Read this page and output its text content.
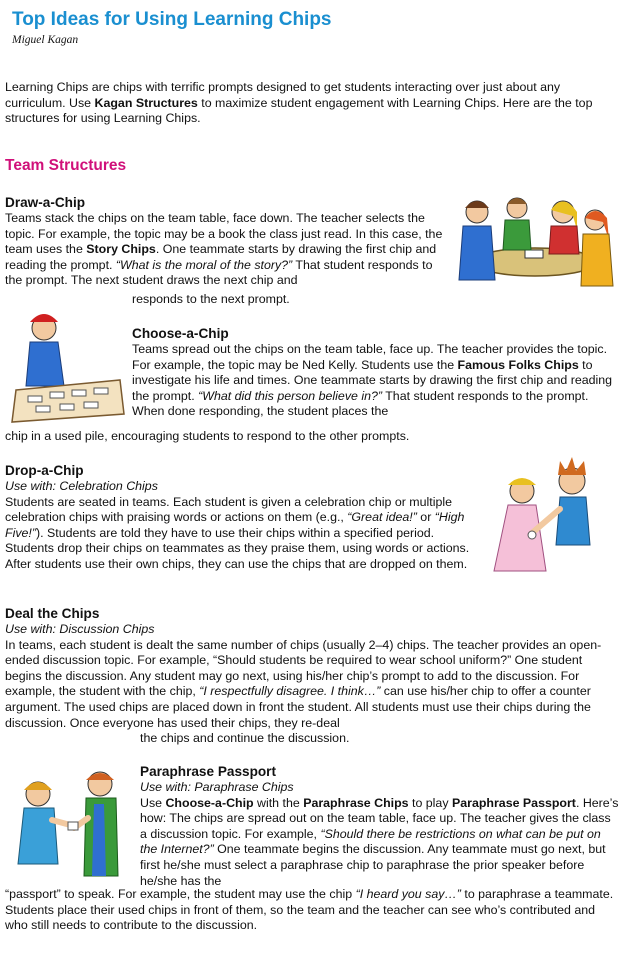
Top Ideas for Using Learning Chips
Miguel Kagan

Learning Chips are chips with terrific prompts designed to get students interacting over just about any curriculum. Use Kagan Structures to maximize student engagement with Learning Chips. Here are the top structures for using Learning Chips.

Team Structures
Draw-a-Chip

Teams stack the chips on the team table, face down. The teacher selects the topic. For example, the topic may be a book the class just read. In this case, the team uses the Story Chips. One teammate starts by drawing the first chip and reading the prompt. “What is the moral of the story?” That student responds to the prompt. The next student draws the next chip and

responds to the next prompt.

Choose-a-Chip

Teams spread out the chips on the team table, face up. The teacher provides the topic. For example, the topic may be Ned Kelly. Students use the Famous Folks Chips to investigate his life and times. One teammate starts by drawing the first chip and reading the prompt. “What did this person believe in?” That student responds to the prompt. When done responding, the student places the

chip in a used pile, encouraging students to respond to the other prompts.

Drop-a-Chip

Use with: Celebration Chips

Students are seated in teams. Each student is given a celebration chip or multiple celebration chips with praising words or actions on them (e.g., “Great idea!” or “High Five!”). Students are told they have to use their chips within a specified period. Students drop their chips on teammates as they praise them, using words or actions. After students use their own chips, they can use the chips that are dropped on them.

Deal the Chips

Use with: Discussion Chips

In teams, each student is dealt the same number of chips (usually 2–4) chips. The teacher provides an open-ended discussion topic. For example, “Should students be required to wear school uniform?” One student begins the discussion. Any student may go next, using his/her chip’s prompt to add to the discussion. For example, the student with the chip, “I respectfully disagree. I think…” can use his/her chip to offer a counter argument. The used chips are placed down in front the student. All students must use their chips during the discussion. Once everyone has used their chips, they re-deal

the chips and continue the discussion.

Paraphrase Passport

Use with: Paraphrase Chips

Use Choose-a-Chip with the Paraphrase Chips to play Paraphrase Passport. Here’s how: The chips are spread out on the team table, face up. The teacher gives the class a discussion topic. For example, “Should there be restrictions on what can be put on the Internet?” One teammate begins the discussion. Any teammate must go next, but first he/she must select a paraphrase chip to paraphrase the prior speaker before he/she has the

“passport” to speak. For example, the student may use the chip “I heard you say…” to paraphrase a teammate. Students place their used chips in front of them, so the team and the teacher can see who’s contributed and who still needs to contribute to the discussion.
